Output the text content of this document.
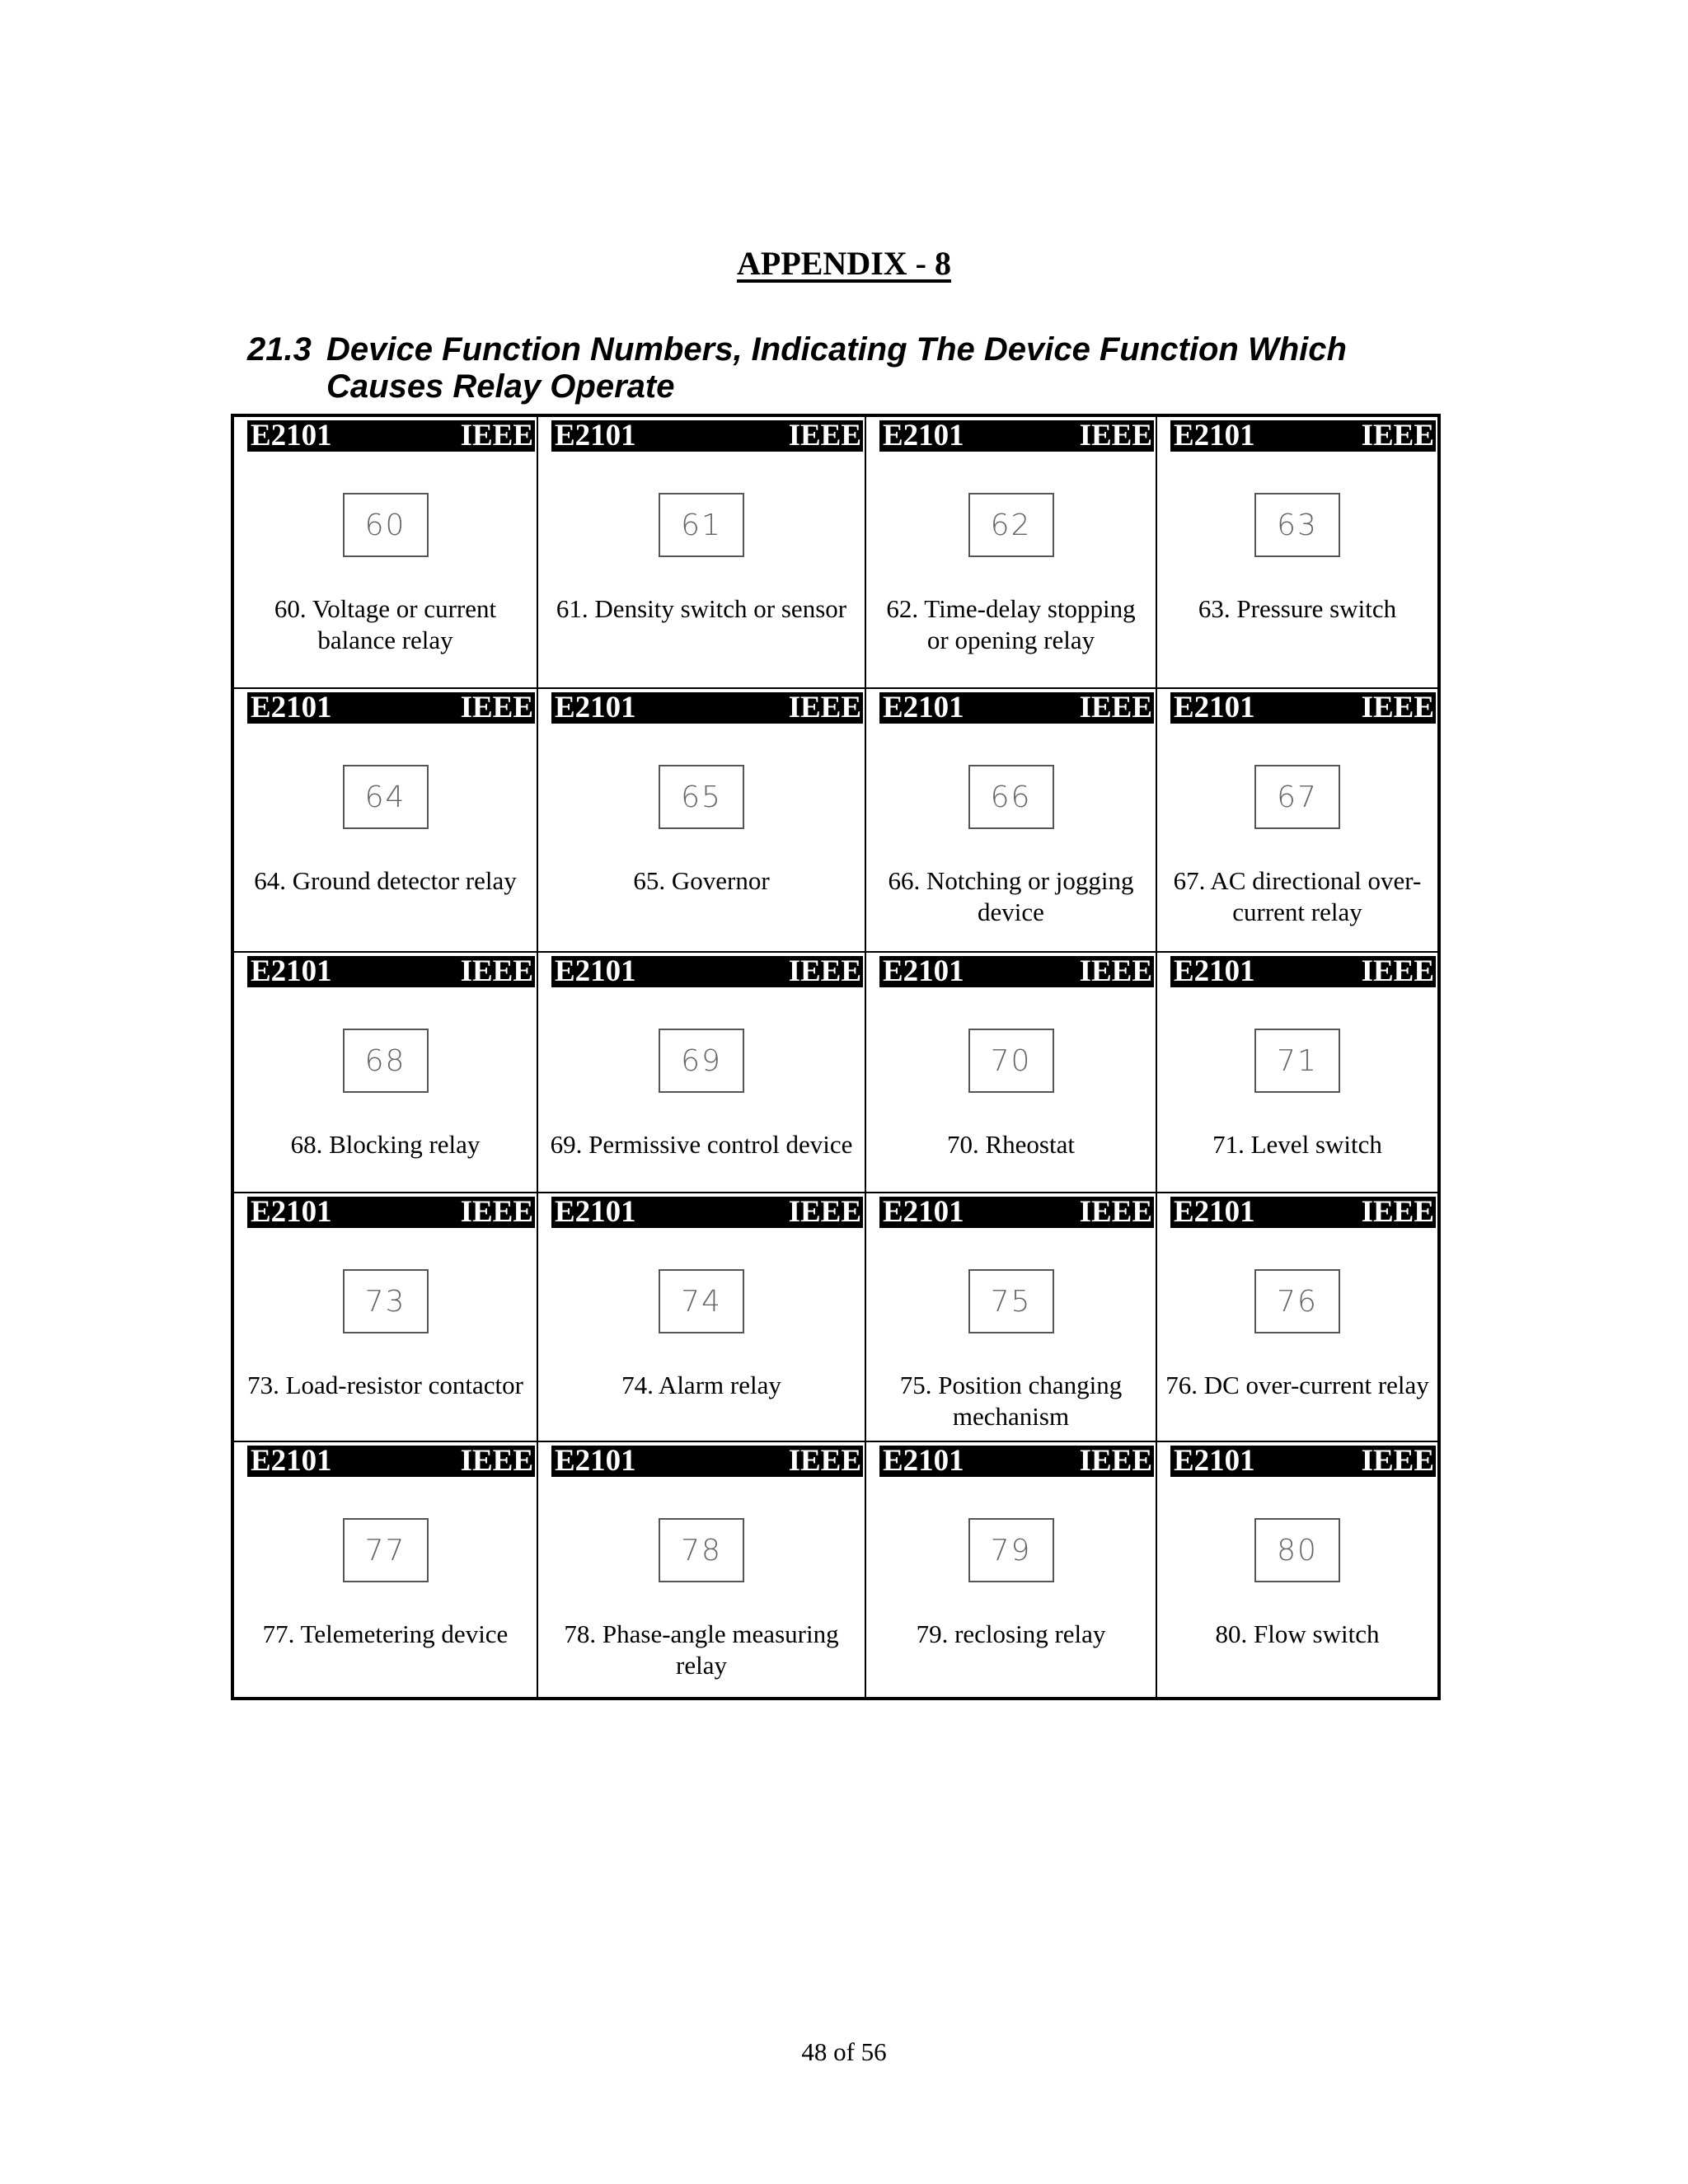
APPENDIX - 8
21.3 Device Function Numbers, Indicating The Device Function Which Causes Relay Operate
E2101	IEEE
60
60. Voltage or current balance relay
E2101	IEEE
61
61. Density switch or sensor
E2101	IEEE
62
62. Time-delay stopping or opening relay
E2101	IEEE
63
63. Pressure switch
E2101	IEEE
64
64. Ground detector relay
E2101	IEEE
65
65. Governor
E2101	IEEE
66
66. Notching or jogging device
E2101	IEEE
67
67. AC directional over-current relay
E2101	IEEE
68
68. Blocking relay
E2101	IEEE
69
69. Permissive control device
E2101	IEEE
70
70. Rheostat
E2101	IEEE
71
71. Level switch
E2101	IEEE
73
73. Load-resistor contactor
E2101	IEEE
74
74. Alarm relay
E2101	IEEE
75
75. Position changing mechanism
E2101	IEEE
76
76. DC over-current relay
E2101	IEEE
77
77. Telemetering device
E2101	IEEE
78
78. Phase-angle measuring relay
E2101	IEEE
79
79. reclosing relay
E2101	IEEE
80
80. Flow switch
48 of 56
